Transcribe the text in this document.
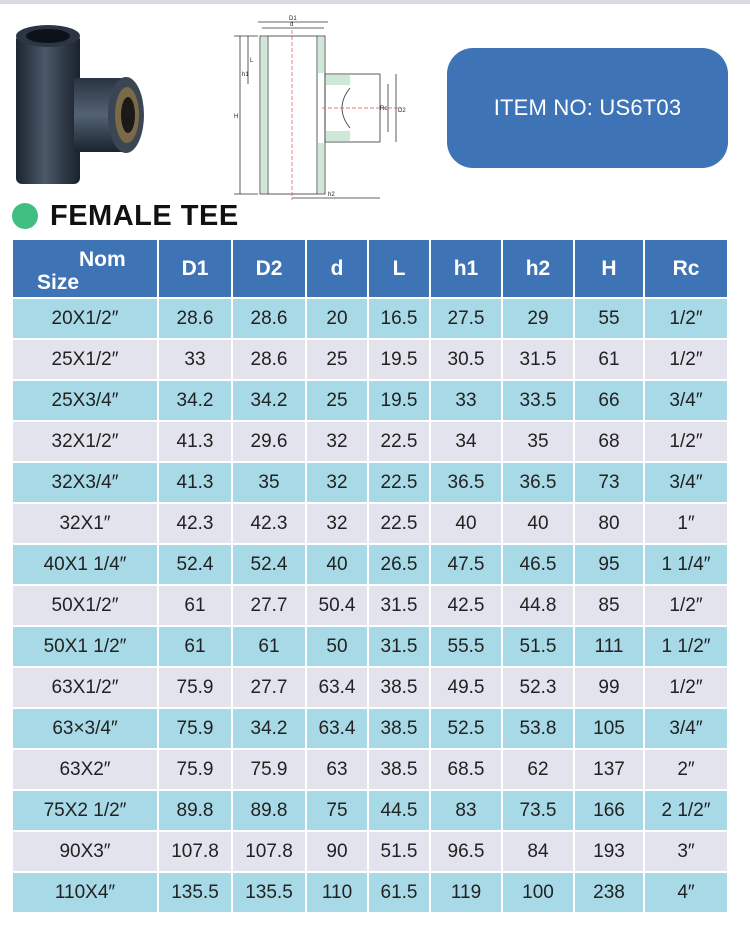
D1
d
L
h1
H
Rc D2
h2
ITEM NO: US6T03
FEMALE TEE
Nom
Size	D1	D2	d	L	h1	h2	H	Rc
20X1/2″	28.6	28.6	20	16.5	27.5	29	55	1/2″
25X1/2″	33	28.6	25	19.5	30.5	31.5	61	1/2″
25X3/4″	34.2	34.2	25	19.5	33	33.5	66	3/4″
32X1/2″	41.3	29.6	32	22.5	34	35	68	1/2″
32X3/4″	41.3	35	32	22.5	36.5	36.5	73	3/4″
32X1″	42.3	42.3	32	22.5	40	40	80	1″
40X1 1/4″	52.4	52.4	40	26.5	47.5	46.5	95	1 1/4″
50X1/2″	61	27.7	50.4	31.5	42.5	44.8	85	1/2″
50X1 1/2″	61	61	50	31.5	55.5	51.5	111	1 1/2″
63X1/2″	75.9	27.7	63.4	38.5	49.5	52.3	99	1/2″
63×3/4″	75.9	34.2	63.4	38.5	52.5	53.8	105	3/4″
63X2″	75.9	75.9	63	38.5	68.5	62	137	2″
75X2 1/2″	89.8	89.8	75	44.5	83	73.5	166	2 1/2″
90X3″	107.8	107.8	90	51.5	96.5	84	193	3″
110X4″	135.5	135.5	110	61.5	119	100	238	4″
